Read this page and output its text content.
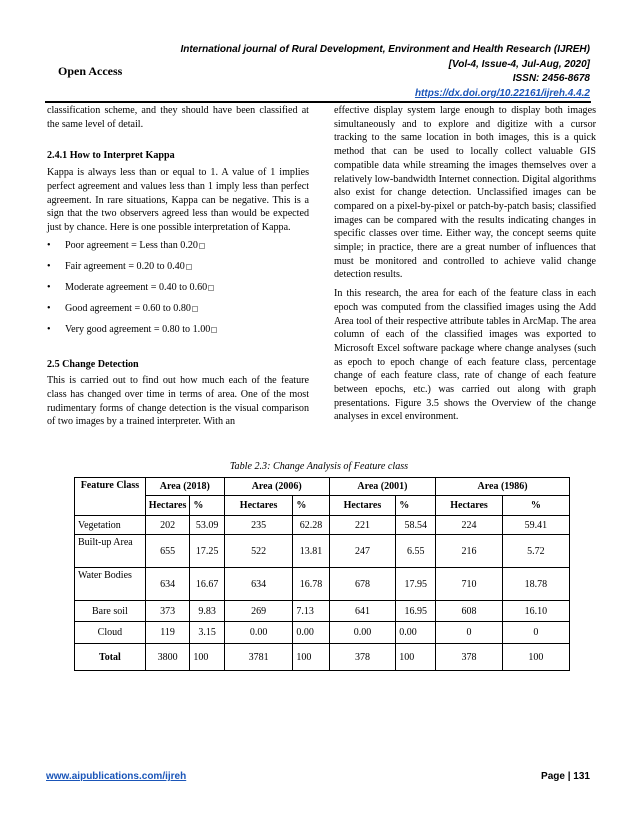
International journal of Rural Development, Environment and Health Research (IJREH)
[Vol-4, Issue-4, Jul-Aug, 2020]
ISSN: 2456-8678
https://dx.doi.org/10.22161/ijreh.4.4.2
Open Access

classification scheme, and they should have been classified at the same level of detail.

2.4.1 How to Interpret Kappa

Kappa is always less than or equal to 1. A value of 1 implies perfect agreement and values less than 1 imply less than perfect agreement. In rare situations, Kappa can be negative. This is a sign that the two observers agreed less than would be expected just by chance. Here is one possible interpretation of Kappa.

• Poor agreement = Less than 0.20
• Fair agreement = 0.20 to 0.40
• Moderate agreement = 0.40 to 0.60
• Good agreement = 0.60 to 0.80
• Very good agreement = 0.80 to 1.00

2.5 Change Detection

This is carried out to find out how much each of the feature class has changed over time in terms of area. One of the most rudimentary forms of change detection is the visual comparison of two images by a trained interpreter. With an

effective display system large enough to display both images simultaneously and to explore and digitize with a cursor tracking to the same location in both images, this is a quick method that can be used to locally collect valuable GIS compatible data while streaming the images themselves over a relatively low-bandwidth Internet connection. Digital algorithms also exist for change detection. Unclassified images can be compared on a pixel-by-pixel or patch-by-patch basis; classified images can be compared with the results indicating changes in specific classes over time. Either way, the concept seems quite simple; in practice, there are a great number of influences that must be monitored and controlled to achieve valid change detection results.

In this research, the area for each of the feature class in each epoch was computed from the classified images using the Add Area tool of their respective attribute tables in ArcMap. The area column of each of the classified images was exported to Microsoft Excel software package where change analyses (such as epoch to epoch change of each feature class, percentage change of each feature class, rate of change of each feature between epochs, etc.) was carried out along with graph presentations. Figure 3.5 shows the Overview of the change analyses in excel environment.

Table 2.3: Change Analysis of Feature class
Feature Class	Area (2018)		Area (2006)		Area (2001)		Area (1986)	
	Hectares	%	Hectares	%	Hectares	%	Hectares	%
Vegetation	202	53.09	235	62.28	221	58.54	224	59.41
Built-up Area	655	17.25	522	13.81	247	6.55	216	5.72
Water Bodies	634	16.67	634	16.78	678	17.95	710	18.78
Bare soil	373	9.83	269	7.13	641	16.95	608	16.10
Cloud	119	3.15	0.00	0.00	0.00	0.00	0	0
Total	3800	100	3781	100	378	100	378	100
www.aipublications.com/ijreh	Page | 131
